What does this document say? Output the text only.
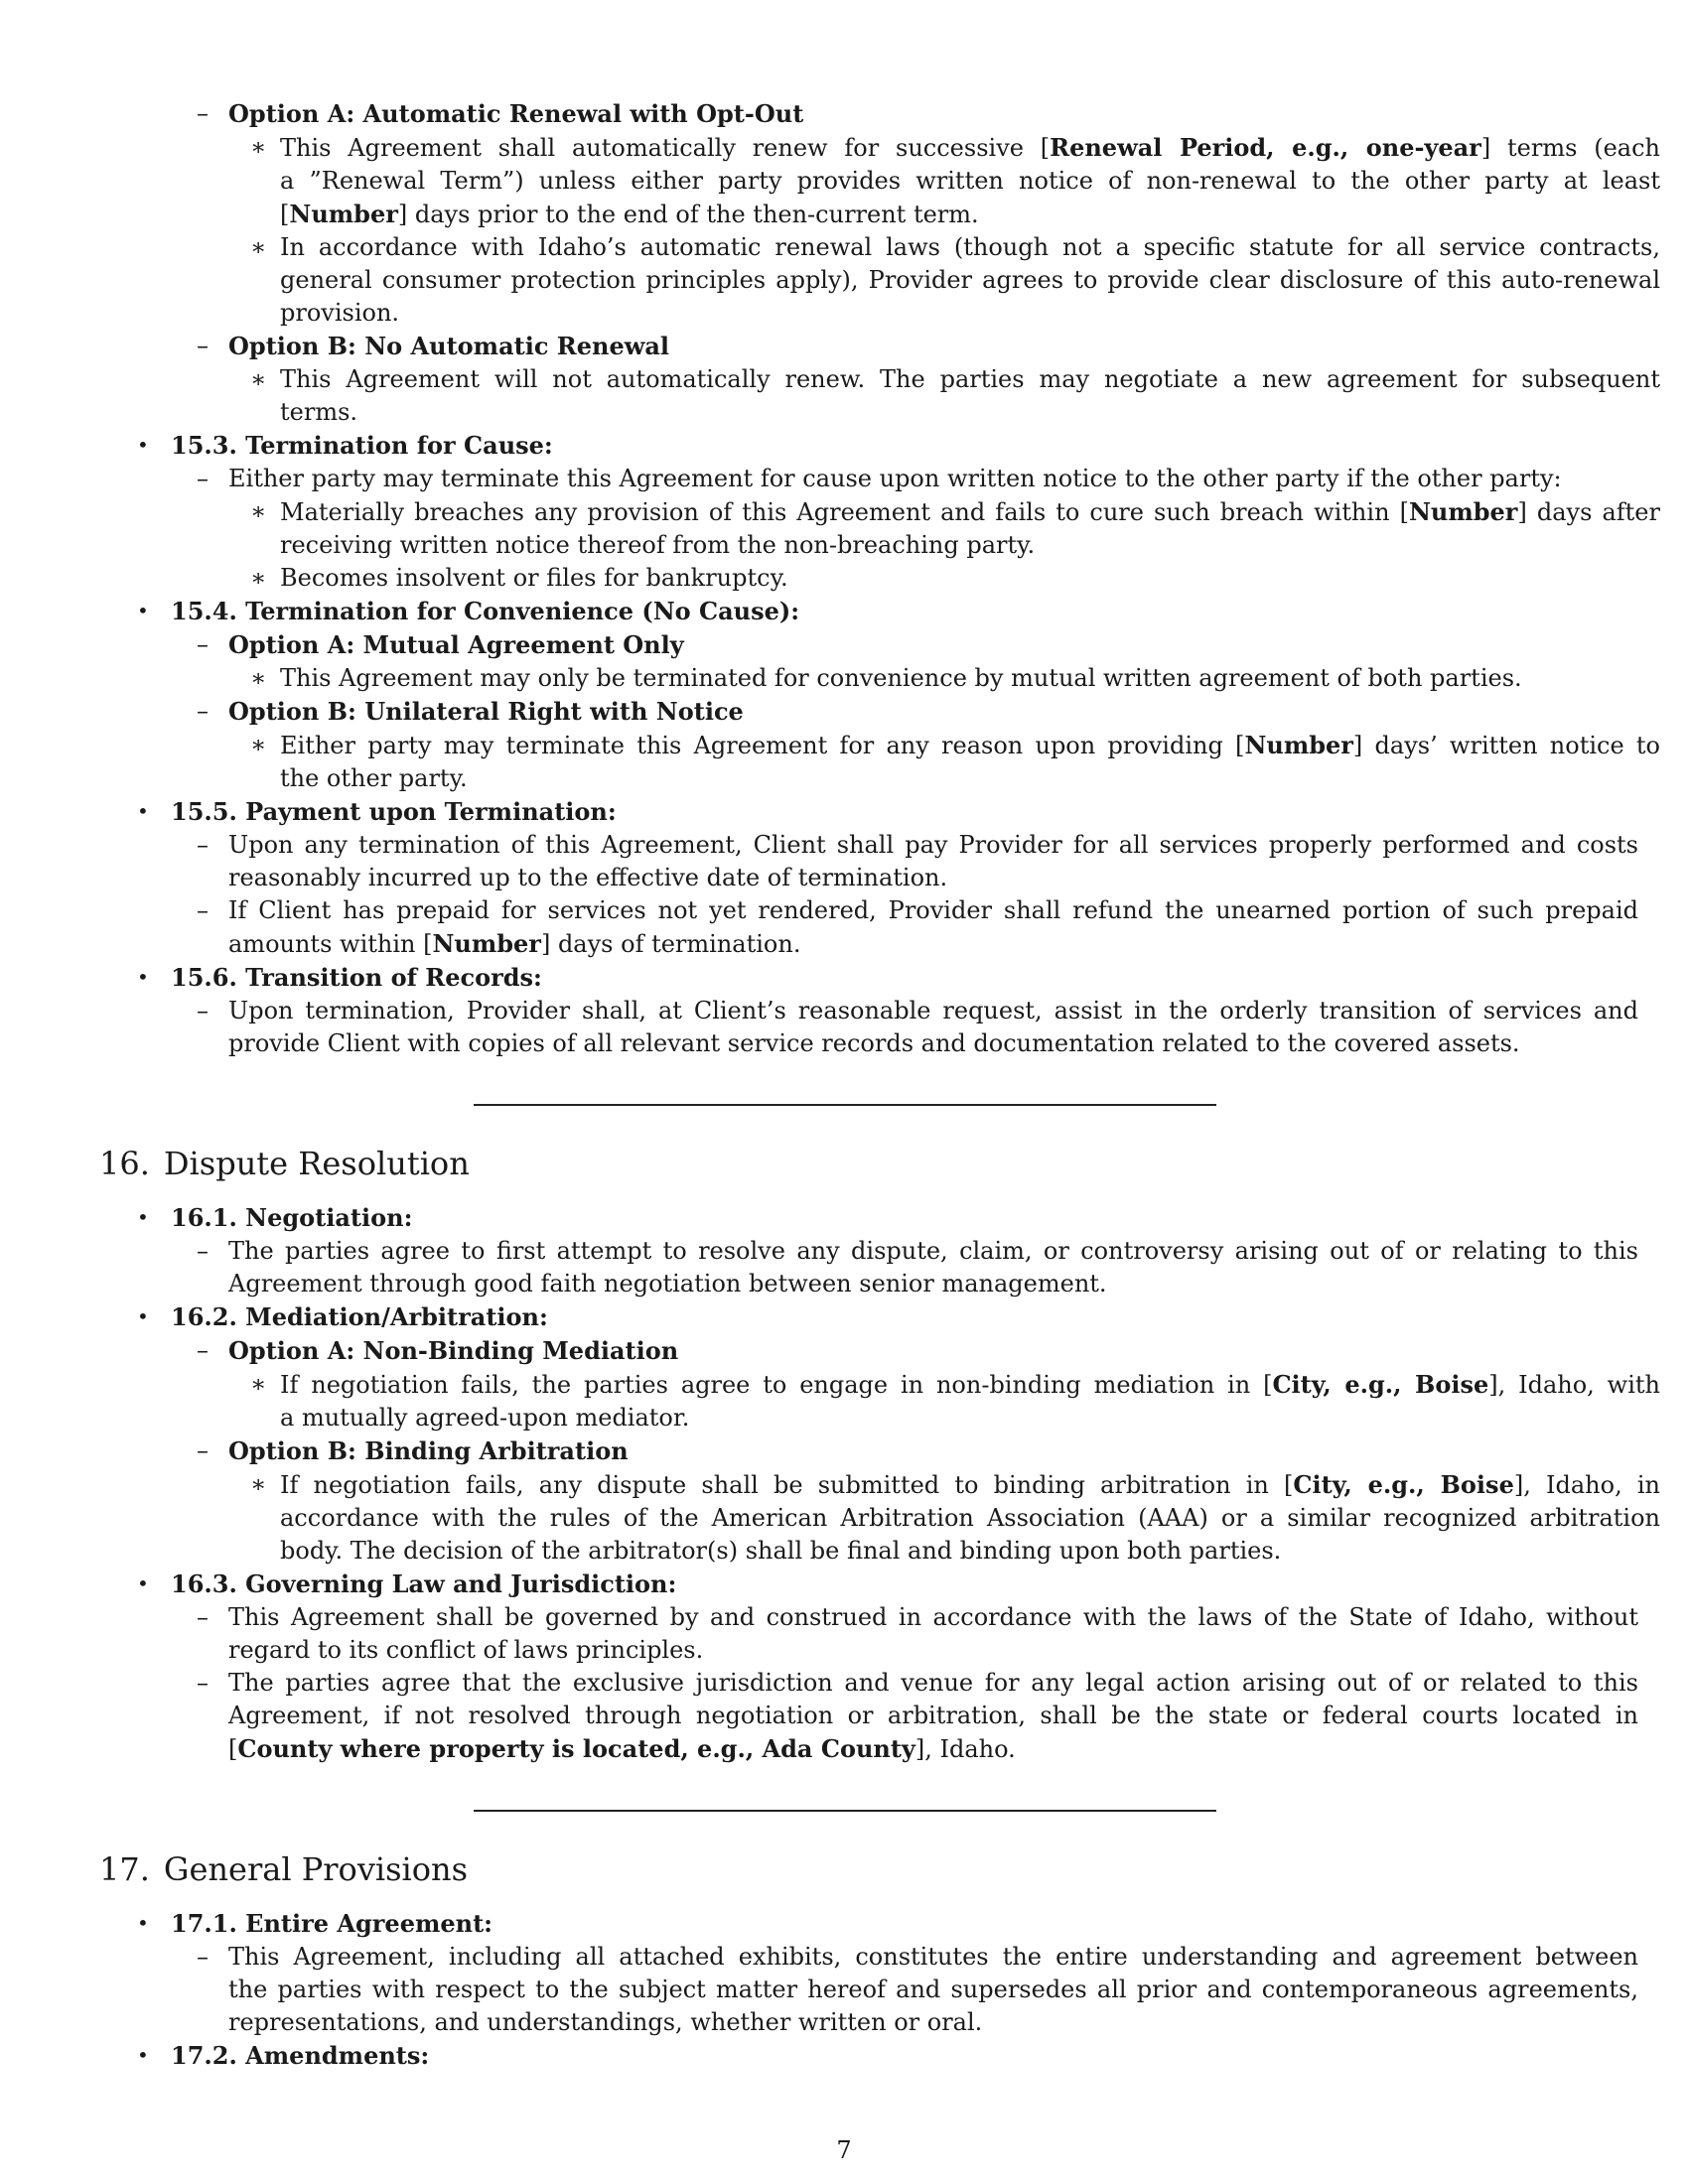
– Option A: Automatic Renewal with Opt-Out
∗ This Agreement shall automatically renew for successive [Renewal Period, e.g., one-year] terms (each
a ”Renewal Term”) unless either party provides written notice of non-renewal to the other party at least
[Number] days prior to the end of the then-current term.
∗ In accordance with Idaho’s automatic renewal laws (though not a specific statute for all service contracts,
general consumer protection principles apply), Provider agrees to provide clear disclosure of this auto-renewal
provision.
– Option B: No Automatic Renewal
∗ This Agreement will not automatically renew. The parties may negotiate a new agreement for subsequent
terms.
• 15.3. Termination for Cause:
– Either party may terminate this Agreement for cause upon written notice to the other party if the other party:
∗ Materially breaches any provision of this Agreement and fails to cure such breach within [Number] days after
receiving written notice thereof from the non-breaching party.
∗ Becomes insolvent or files for bankruptcy.
• 15.4. Termination for Convenience (No Cause):
– Option A: Mutual Agreement Only
∗ This Agreement may only be terminated for convenience by mutual written agreement of both parties.
– Option B: Unilateral Right with Notice
∗ Either party may terminate this Agreement for any reason upon providing [Number] days’ written notice to
the other party.
• 15.5. Payment upon Termination:
– Upon any termination of this Agreement, Client shall pay Provider for all services properly performed and costs
reasonably incurred up to the effective date of termination.
– If Client has prepaid for services not yet rendered, Provider shall refund the unearned portion of such prepaid
amounts within [Number] days of termination.
• 15.6. Transition of Records:
– Upon termination, Provider shall, at Client’s reasonable request, assist in the orderly transition of services and
provide Client with copies of all relevant service records and documentation related to the covered assets.
16. Dispute Resolution
• 16.1. Negotiation:
– The parties agree to first attempt to resolve any dispute, claim, or controversy arising out of or relating to this
Agreement through good faith negotiation between senior management.
• 16.2. Mediation/Arbitration:
– Option A: Non-Binding Mediation
∗ If negotiation fails, the parties agree to engage in non-binding mediation in [City, e.g., Boise], Idaho, with
a mutually agreed-upon mediator.
– Option B: Binding Arbitration
∗ If negotiation fails, any dispute shall be submitted to binding arbitration in [City, e.g., Boise], Idaho, in
accordance with the rules of the American Arbitration Association (AAA) or a similar recognized arbitration
body. The decision of the arbitrator(s) shall be final and binding upon both parties.
• 16.3. Governing Law and Jurisdiction:
– This Agreement shall be governed by and construed in accordance with the laws of the State of Idaho, without
regard to its conflict of laws principles.
– The parties agree that the exclusive jurisdiction and venue for any legal action arising out of or related to this
Agreement, if not resolved through negotiation or arbitration, shall be the state or federal courts located in
[County where property is located, e.g., Ada County], Idaho.
17. General Provisions
• 17.1. Entire Agreement:
– This Agreement, including all attached exhibits, constitutes the entire understanding and agreement between
the parties with respect to the subject matter hereof and supersedes all prior and contemporaneous agreements,
representations, and understandings, whether written or oral.
• 17.2. Amendments:
7
